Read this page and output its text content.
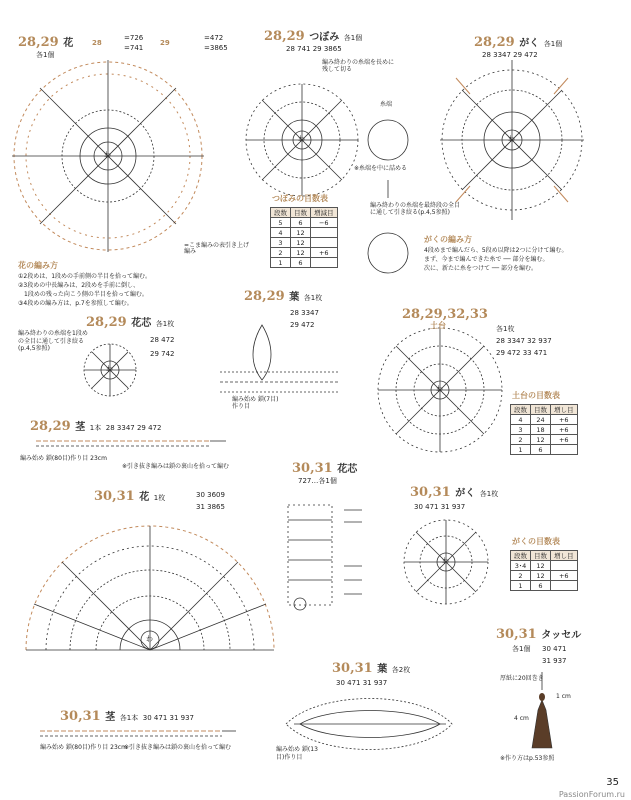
わ
わ	わ
わ
わ
わ
わ
28,29 花
各1個
28
=726
=741
29
=472
=3865
=こま編みの表引き上げ編み
花の編み方
①2段めは、1段めの手前側の半目を拾って編む。
②3段めの中長編みは、2段めを手前に倒し、
　1段めの残った向こう側の半目を拾って編む。
③4段めの編み方は、p.7を参照して編む。
28,29 つぼみ 各1個
28 741 29 3865
編み終わりの糸端を長めに残して切る
糸端
※糸端を中に詰める
編み終わりの糸端を最終段の全目に通して引き絞る(p.4,5参照)
つぼみの目数表
段数	目数	増減目
5	6	−6
4	12	
3	12	
2	12	+6
1	6	
28,29 がく 各1個
28 3347 29 472
がくの編み方
4段めまで編んだら、5段め以降は2つに分けて編む。
まず、今まで編んできた糸で ── 部分を編む。
次に、新たに糸をつけて ── 部分を編む。
28,29 花芯 各1枚
編み終わりの糸端を1段めの全目に通して引き絞る(p.4,5参照)
28 472
29 742
28,29 葉 各1枚
28 3347
29 472
編み始め 鎖(7目)作り目
28,29,32,33
土台	各1枚
28 3347 32 937
29 472 33 471
土台の目数表
段数	目数	増し目
4	24	+6
3	18	+6
2	12	+6
1	6	
28,29 茎 1本 28 3347 29 472
編み始め 鎖(80目)作り目 23cm
※引き抜き編みは鎖の裏山を拾って編む
30,31 花 1枚	30 3609
31 3865
30,31 花芯
727…各1個
30,31 がく 各1枚
30 471 31 937
がくの目数表
段数	目数	増し目
3･4	12	
2	12	+6
1	6	
30,31 タッセル
各1個 30 471
31 937
厚紙に20回巻き
1 cm
4 cm
※作り方はp.53参照
30,31 葉 各2枚
30 471 31 937
編み始め 鎖(13目)作り目
30,31 茎 各1本 30 471 31 937
編み始め 鎖(80目)作り目 23cm
※引き抜き編みは鎖の裏山を拾って編む
35
PassionForum.ru
